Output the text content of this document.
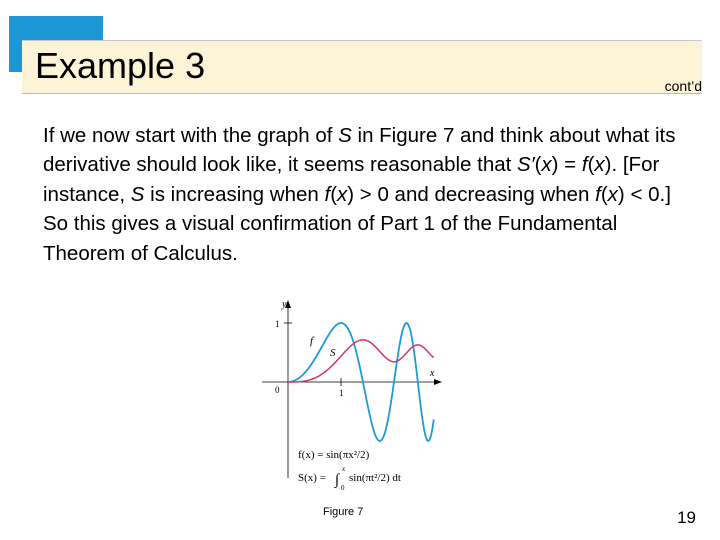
Example 3	cont’d

If we now start with the graph of S in Figure 7 and think about what its derivative should look like, it seems reasonable that S′(x) = f(x). [For instance, S is increasing when f(x) > 0 and decreasing when f(x) < 0.] So this gives a visual confirmation of Part 1 of the Fundamental Theorem of Calculus.

y
x
1
1
0
f
S
f(x) = sin(πx²/2)
S(x) = ∫
x
0
sin(πt²/2) dt
Figure 7	19
